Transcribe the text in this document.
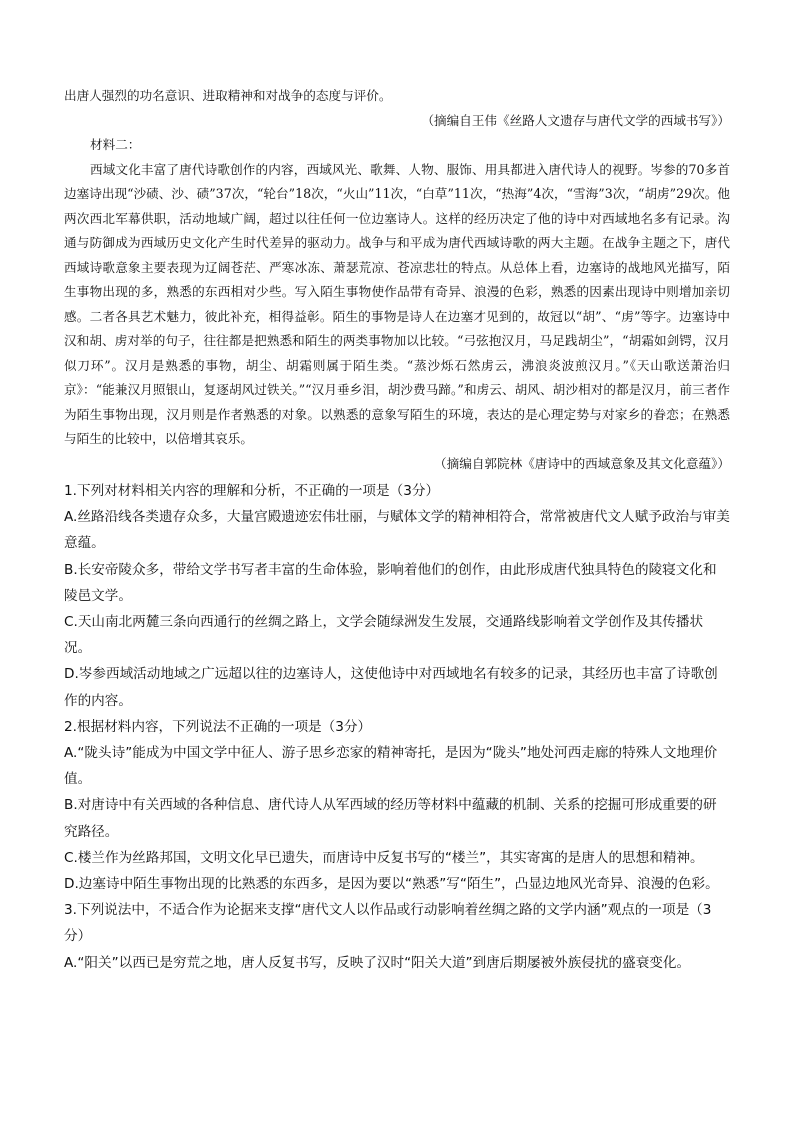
出唐人强烈的功名意识、进取精神和对战争的态度与评价。

（摘编自王伟《丝路人文遗存与唐代文学的西域书写》）

材料二：

西域文化丰富了唐代诗歌创作的内容，西域风光、歌舞、人物、服饰、用具都进入唐代诗人的视野。岑参的70多首边塞诗出现“沙碛、沙、碛”37次，“轮台”18次，“火山”11次，“白草”11次，“热海”4次，“雪海”3次，“胡虏”29次。他两次西北军幕供职，活动地域广阔，超过以往任何一位边塞诗人。这样的经历决定了他的诗中对西域地名多有记录。沟通与防御成为西域历史文化产生时代差异的驱动力。战争与和平成为唐代西域诗歌的两大主题。在战争主题之下，唐代西域诗歌意象主要表现为辽阔苍茫、严寒冰冻、萧瑟荒凉、苍凉悲壮的特点。从总体上看，边塞诗的战地风光描写，陌生事物出现的多，熟悉的东西相对少些。写入陌生事物使作品带有奇异、浪漫的色彩，熟悉的因素出现诗中则增加亲切感。二者各具艺术魅力，彼此补充，相得益彰。陌生的事物是诗人在边塞才见到的，故冠以“胡”、“虏”等字。边塞诗中汉和胡、虏对举的句子，往往都是把熟悉和陌生的两类事物加以比较。“弓弦抱汉月，马足践胡尘”，“胡霜如剑锷，汉月似刀环”。汉月是熟悉的事物，胡尘、胡霜则属于陌生类。“蒸沙烁石然虏云，沸浪炎波煎汉月。”《天山歌送萧治归京》：“能兼汉月照银山，复逐胡风过铁关。”“汉月垂乡泪，胡沙费马蹄。”和虏云、胡风、胡沙相对的都是汉月，前三者作为陌生事物出现，汉月则是作者熟悉的对象。以熟悉的意象写陌生的环境，表达的是心理定势与对家乡的眷恋；在熟悉与陌生的比较中，以倍增其哀乐。

（摘编自郭院林《唐诗中的西域意象及其文化意蕴》）

1.下列对材料相关内容的理解和分析，不正确的一项是（3分）

A.丝路沿线各类遗存众多，大量宫殿遗迹宏伟壮丽，与赋体文学的精神相符合，常常被唐代文人赋予政治与审美意蕴。

B.长安帝陵众多，带给文学书写者丰富的生命体验，影响着他们的创作，由此形成唐代独具特色的陵寝文化和陵邑文学。

C.天山南北两麓三条向西通行的丝绸之路上，文学会随绿洲发生发展，交通路线影响着文学创作及其传播状况。

D.岑参西域活动地域之广远超以往的边塞诗人，这使他诗中对西域地名有较多的记录，其经历也丰富了诗歌创作的内容。

2.根据材料内容，下列说法不正确的一项是（3分）

A.“陇头诗”能成为中国文学中征人、游子思乡恋家的精神寄托，是因为“陇头”地处河西走廊的特殊人文地理价值。

B.对唐诗中有关西域的各种信息、唐代诗人从军西域的经历等材料中蕴藏的机制、关系的挖掘可形成重要的研究路径。

C.楼兰作为丝路邦国，文明文化早已遗失，而唐诗中反复书写的“楼兰”，其实寄寓的是唐人的思想和精神。

D.边塞诗中陌生事物出现的比熟悉的东西多，是因为要以“熟悉”写“陌生”，凸显边地风光奇异、浪漫的色彩。

3.下列说法中，不适合作为论据来支撑“唐代文人以作品或行动影响着丝绸之路的文学内涵”观点的一项是（3分）

A.“阳关”以西已是穷荒之地，唐人反复书写，反映了汉时“阳关大道”到唐后期屡被外族侵扰的盛衰变化。
